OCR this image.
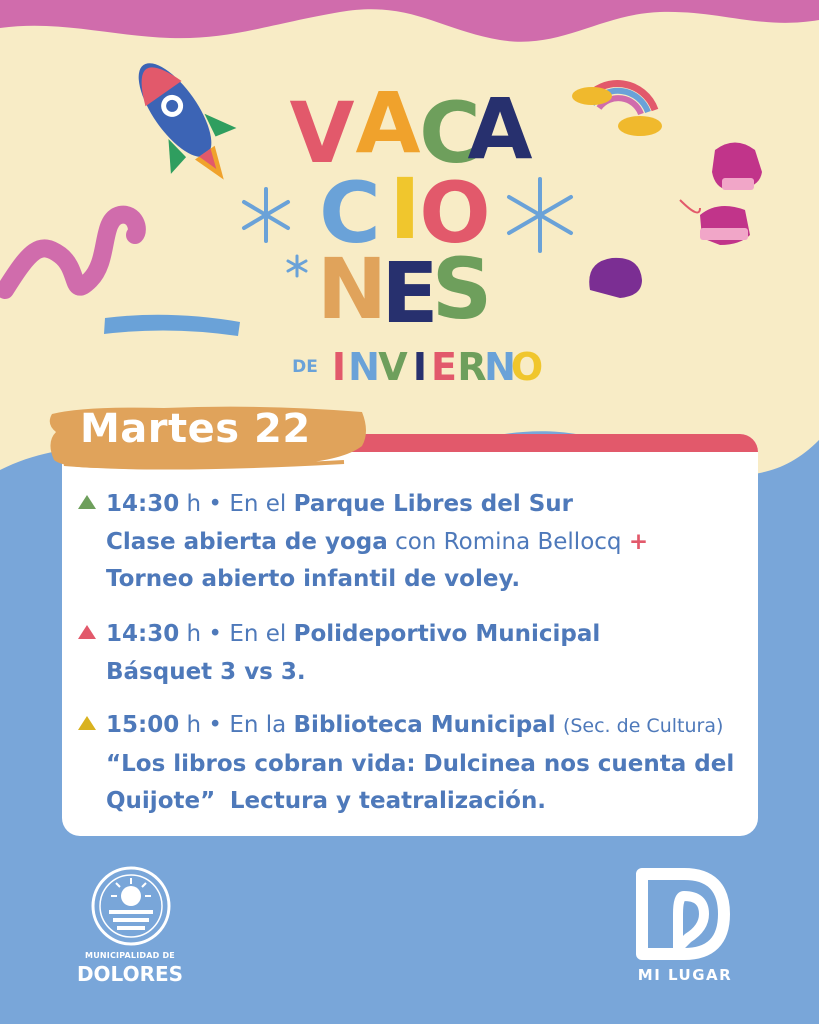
V A
C
A
C I
O
N
E
S
DE I N
V I E R
N
O
14:30 h • En el Parque Libres del Sur
Clase abierta de yoga con Romina Bellocq +
Torneo abierto infantil de voley.
14:30 h • En el Polideportivo Municipal
Básquet 3 vs 3.
15:00 h • En la Biblioteca Municipal (Sec. de Cultura)
“Los libros cobran vida: Dulcinea nos cuenta del
Quijote” Lectura y teatralización.
Martes 22
MUNICIPALIDAD DE
DOLORES	MI LUGAR
